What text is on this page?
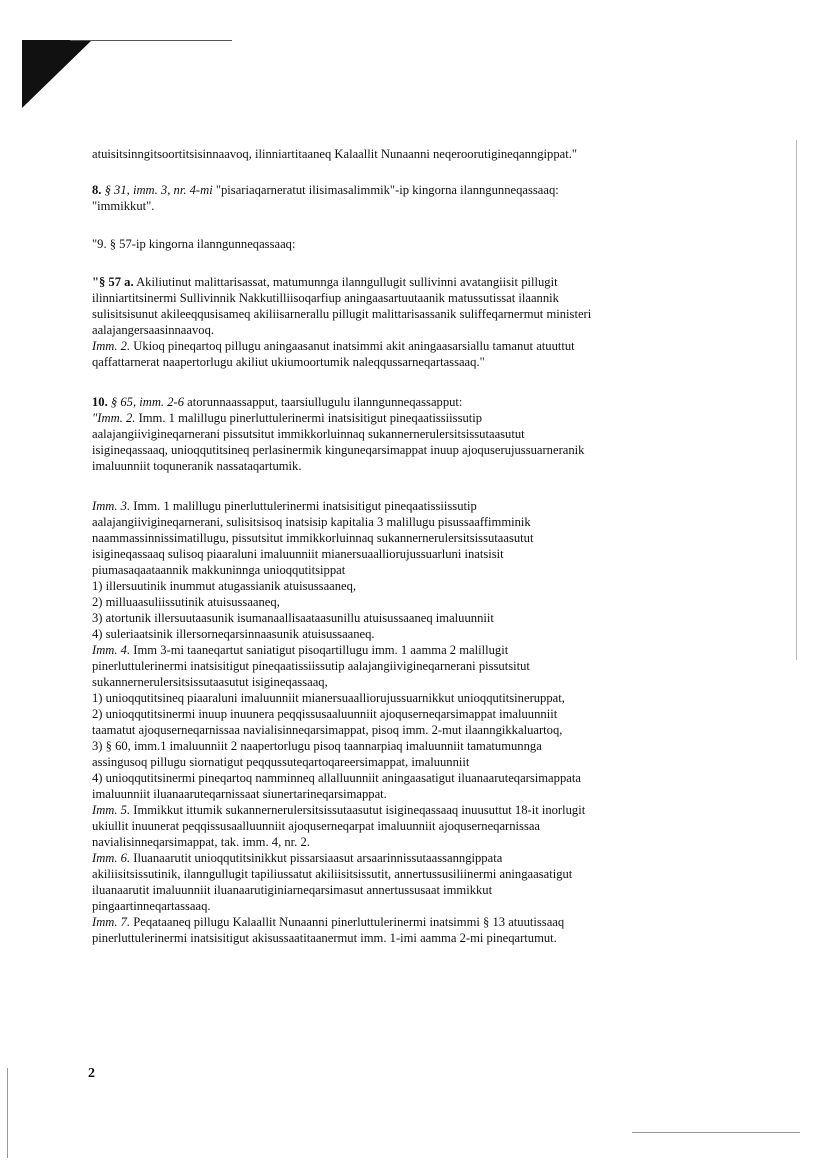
atuisitsinngitsoortitsisinnaavoq, ilinniartitaaneq Kalaallit Nunaanni neqeroorutigineqanngippat."

8. § 31, imm. 3, nr. 4-mi "pisariaqarneratut ilisimasalimmik"-ip kingorna ilanngunneqassaaq:
"immikkut".

"9. § 57-ip kingorna ilanngunneqassaaq:

"§ 57 a. Akiliutinut malittarisassat, matumunnga ilanngullugit sullivinni avatangiisit pillugit
ilinniartitsinermi Sullivinnik Nakkutilliisoqarfiup aningaasartuutaanik matussutissat ilaannik
sulisitsisunut akileeqqusisameq akiliisarnerallu pillugit malittarisassanik suliffeqarnermut ministeri
aalajangersaasinnaavoq.

Imm. 2. Ukioq pineqartoq pillugu aningaasanut inatsimmi akit aningaasarsiallu tamanut atuuttut
qaffattarnerat naapertorlugu akiliut ukiumoortumik naleqqussarneqartassaaq."

10. § 65, imm. 2-6 atorunnaassapput, taarsiullugulu ilanngunneqassapput:
"Imm. 2. Imm. 1 malillugu pinerluttulerinermi inatsisitigut pineqaatissiissutip
aalajangiivigineqarnerani pissutsitut immikkorluinnaq sukannernerulersitsissutaasutut
isigineqassaaq, unioqqutitsineq perlasinermik kinguneqarsimappat inuup ajoquserujussuarneranik
imaluunniit toquneranik nassataqartumik.

Imm. 3. Imm. 1 malillugu pinerluttulerinermi inatsisitigut pineqaatissiissutip
aalajangiivigineqarnerani, sulisitsisoq inatsisip kapitalia 3 malillugu pisussaaffimminik
naammassinnissimatillugu, pissutsitut immikkorluinnaq sukannernerulersitsissutaasutut
isigineqassaaq sulisoq piaaraluni imaluunniit mianersuaalliorujussuarluni inatsisit
piumasaqaataannik makkuninnga unioqqutitsippat
1) illersuutinik inummut atugassianik atuisussaaneq,
2) milluaasuliissutinik atuisussaaneq,
3) atortunik illersuutaasunik isumanaallisaataasunillu atuisussaaneq imaluunniit
4) suleriaatsinik illersorneqarsinnaasunik atuisussaaneq.

Imm. 4. Imm 3-mi taaneqartut saniatigut pisoqartillugu imm. 1 aamma 2 malillugit
pinerluttulerinermi inatsisitigut pineqaatissiissutip aalajangiivigineqarnerani pissutsitut
sukannernerulersitsissutaasutut isigineqassaaq,
1) unioqqutitsineq piaaraluni imaluunniit mianersuaalliorujussuarnikkut unioqqutitsineruppat,
2) unioqqutitsinermi inuup inuunera peqqissusaaluunniit ajoquserneqarsimappat imaluunniit
taamatut ajoquserneqarnissaa navialisinneqarsimappat, pisoq imm. 2-mut ilaanngikkaluartoq,
3) § 60, imm.1 imaluunniit 2 naapertorlugu pisoq taannarpiaq imaluunniit tamatumunnga
assingusoq pillugu siornatigut peqqussuteqartoqareersimappat, imaluunniit
4) unioqqutitsinermi pineqartoq namminneq allalluunniit aningaasatigut iluanaaruteqarsimappata
imaluunniit iluanaaruteqarnissaat siunertarineqarsimappat.

Imm. 5. Immikkut ittumik sukannernerulersitsissutaasutut isigineqassaaq inuusuttut 18-it inorlugit
ukiullit inuunerat peqqissusaalluunniit ajoquserneqarpat imaluunniit ajoquserneqarnissaa
navialisinneqarsimappat, tak. imm. 4, nr. 2.

Imm. 6. Iluanaarutit unioqqutitsinikkut pissarsiaasut arsaarinnissutaassanngippata
akiliisitsissutinik, ilanngullugit tapiliussatut akiliisitsissutit, annertussusiliinermi aningaasatigut
iluanaarutit imaluunniit iluanaarutiginiarneqarsimasut annertussusaat immikkut
pingaartinneqartassaaq.

Imm. 7. Peqataaneq pillugu Kalaallit Nunaanni pinerluttulerinermi inatsimmi § 13 atuutissaaq
pinerluttulerinermi inatsisitigut akisussaatitaanermut imm. 1-imi aamma 2-mi pineqartumut.

2
